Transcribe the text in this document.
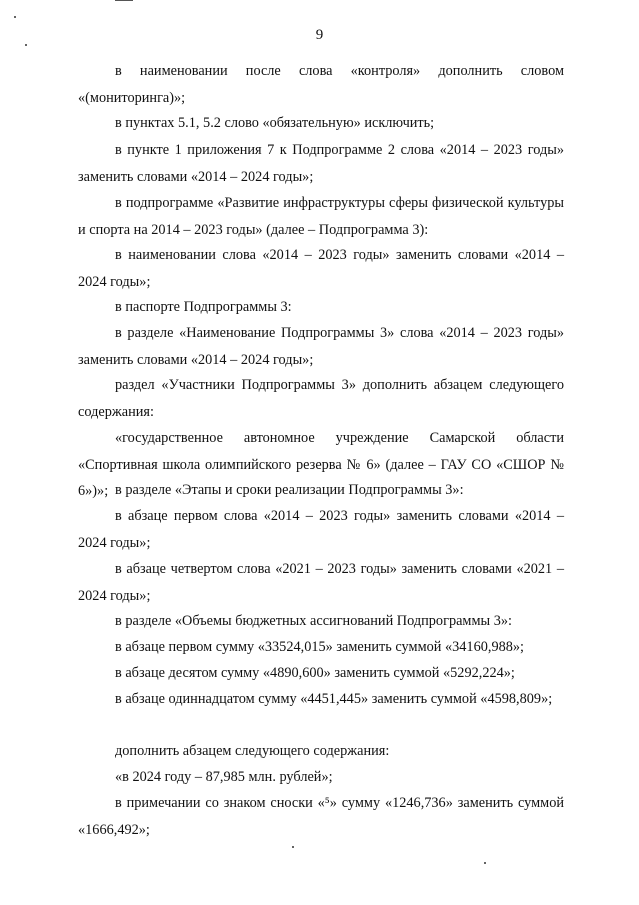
9

в наименовании после слова «контроля» дополнить словом «(мониторинга)»;

в пунктах 5.1, 5.2 слово «обязательную» исключить;

в пункте 1 приложения 7 к Подпрограмме 2 слова «2014 – 2023 годы» заменить словами «2014 – 2024 годы»;

в подпрограмме «Развитие инфраструктуры сферы физической культуры и спорта на 2014 – 2023 годы» (далее – Подпрограмма 3):

в наименовании слова «2014 – 2023 годы» заменить словами «2014 – 2024 годы»;

в паспорте Подпрограммы 3:

в разделе «Наименование Подпрограммы 3» слова «2014 – 2023 годы» заменить словами «2014 – 2024 годы»;

раздел «Участники Подпрограммы 3» дополнить абзацем следующего содержания:

«государственное автономное учреждение Самарской области «Спортивная школа олимпийского резерва № 6» (далее – ГАУ СО «СШОР № 6»)»; в разделе «Этапы и сроки реализации Подпрограммы 3»:

в абзаце первом слова «2014 – 2023 годы» заменить словами «2014 – 2024 годы»;

в абзаце четвертом слова «2021 – 2023 годы» заменить словами «2021 – 2024 годы»;

в разделе «Объемы бюджетных ассигнований Подпрограммы 3»:

в абзаце первом сумму «33524,015» заменить суммой «34160,988»;

в абзаце десятом сумму «4890,600» заменить суммой «5292,224»;

в абзаце одиннадцатом сумму «4451,445» заменить суммой «4598,809»;

дополнить абзацем следующего содержания:

«в 2024 году – 87,985 млн. рублей»;

в примечании со знаком сноски «⁵» сумму «1246,736» заменить суммой «1666,492»;
